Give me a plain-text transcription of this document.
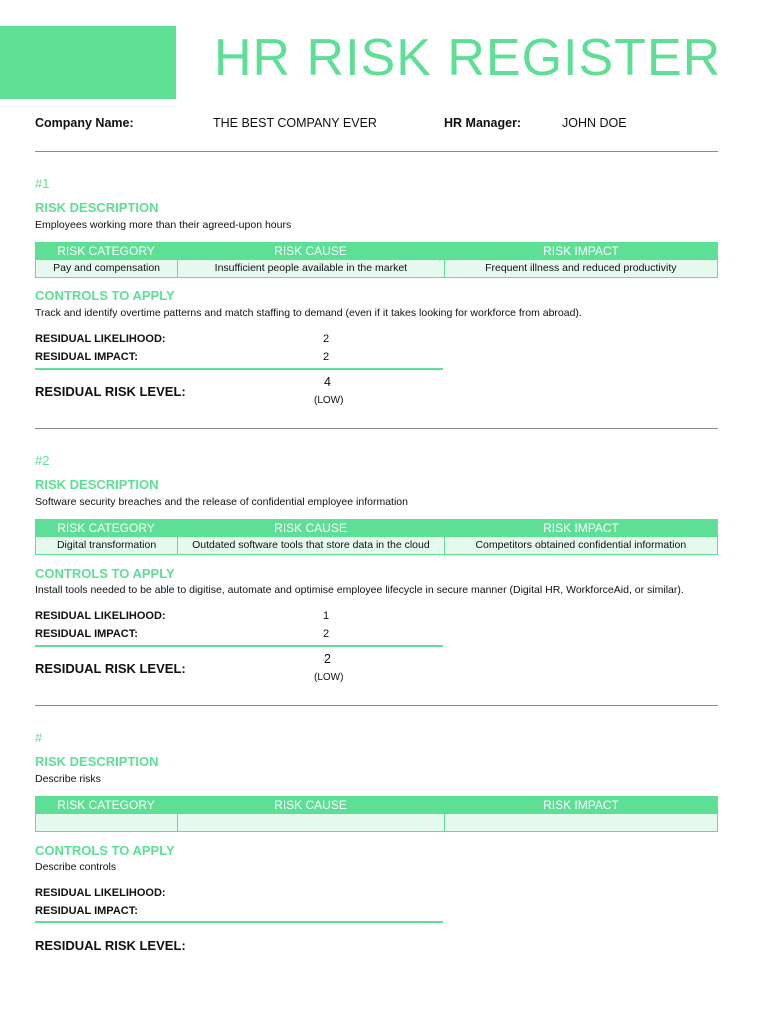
HR RISK REGISTER
Company Name:	THE BEST COMPANY EVER	HR Manager:	JOHN DOE
#1
RISK DESCRIPTION
Employees working more than their agreed-upon hours
RISK CATEGORY	RISK CAUSE	RISK IMPACT
Pay and compensation	Insufficient people available in the market	Frequent illness and reduced productivity
CONTROLS TO APPLY
Track and identify overtime patterns and match staffing to demand (even if it takes looking for workforce from abroad).
RESIDUAL LIKELIHOOD:	2
RESIDUAL IMPACT:	2
RESIDUAL RISK LEVEL:
4
(LOW)
#2
RISK DESCRIPTION
Software security breaches and the release of confidential employee information
RISK CATEGORY	RISK CAUSE	RISK IMPACT
Digital transformation	Outdated software tools that store data in the cloud	Competitors obtained confidential information
CONTROLS TO APPLY
Install tools needed to be able to digitise, automate and optimise employee lifecycle in secure manner (Digital HR, WorkforceAid, or similar).
RESIDUAL LIKELIHOOD:	1
RESIDUAL IMPACT:	2
RESIDUAL RISK LEVEL:
2
(LOW)
#
RISK DESCRIPTION
Describe risks
RISK CATEGORY	RISK CAUSE	RISK IMPACT
CONTROLS TO APPLY
Describe controls
RESIDUAL LIKELIHOOD:
RESIDUAL IMPACT:
RESIDUAL RISK LEVEL:
